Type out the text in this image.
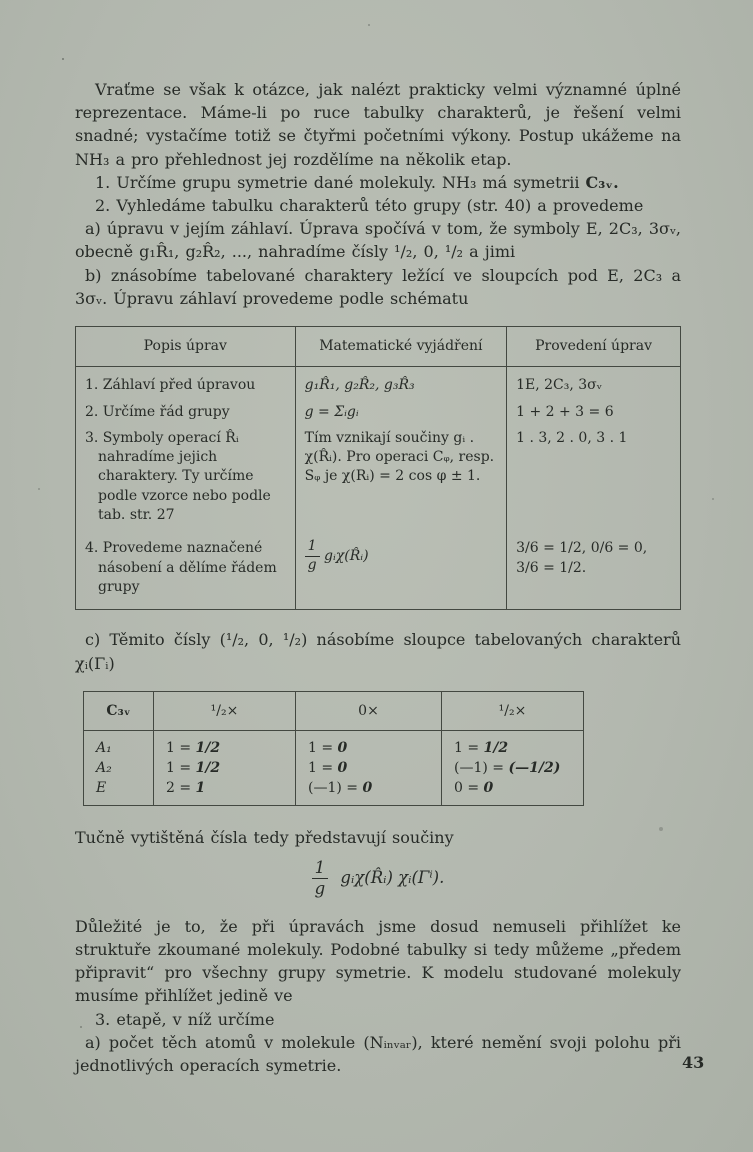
Vraťme se však k otázce, jak nalézt prakticky velmi významné úplné reprezentace. Máme-li po ruce tabulky charakterů, je řešení velmi snadné; vystačíme totiž se čtyřmi početními výkony. Postup ukážeme na NH₃ a pro přehlednost jej rozdělíme na několik etap.

1. Určíme grupu symetrie dané molekuly. NH₃ má symetrii C₃ᵥ.

2. Vyhledáme tabulku charakterů této grupy (str. 40) a provedeme

a) úpravu v jejím záhlaví. Úprava spočívá v tom, že symboly E, 2C₃, 3σᵥ, obecně g₁R̂₁, g₂R̂₂, ..., nahradíme čísly ¹/₂, 0, ¹/₂ a jimi

b) znásobíme tabelované charaktery ležící ve sloupcích pod E, 2C₃ a 3σᵥ. Úpravu záhlaví provedeme podle schématu

Popis úprav	Matematické vyjádření	Provedení úprav
1. Záhlaví před úpravou	g₁R̂₁, g₂R̂₂, g₃R̂₃	1E, 2C₃, 3σᵥ
2. Určíme řád grupy	g = Σᵢgᵢ	1 + 2 + 3 = 6
3. Symboly operací R̂ᵢ nahradíme jejich charaktery. Ty určíme podle vzorce nebo podle tab. str. 27	Tím vznikají součiny gᵢ . χ(R̂ᵢ). Pro operaci Cᵩ, resp. Sᵩ je χ(Rᵢ) = 2 cos φ ± 1.	1 . 3, 2 . 0, 3 . 1
4. Provedeme naznačené násobení a dělíme řádem grupy	$\frac{1}{g}$ gᵢχ(R̂ᵢ)	3/6 = 1/2, 0/6 = 0, 3/6 = 1/2.

c) Těmito čísly (¹/₂, 0, ¹/₂) násobíme sloupce tabelovaných charakterů χᵢ(Γᵢ)

C₃ᵥ	¹/₂×	0×	¹/₂×
A₁	1 = 1/2	1 = 0	1 = 1/2
A₂	1 = 1/2	1 = 0	(—1) = (—1/2)
E	2 = 1	(—1) = 0	0 = 0

Tučně vytištěná čísla tedy představují součiny

$\frac{1}{g}$ gᵢχ(R̂ᵢ) χᵢ(Γⁱ).

Důležité je to, že při úpravách jsme dosud nemuseli přihlížet ke struktuře zkoumané molekuly. Podobné tabulky si tedy můžeme „předem připravit“ pro všechny grupy symetrie. K modelu studované molekuly musíme přihlížet jedině ve

3. etapě, v níž určíme

a) počet těch atomů v molekule (Nᵢₙᵥₐᵣ), které nemění svoji polohu při jednotlivých operacích symetrie.	43
